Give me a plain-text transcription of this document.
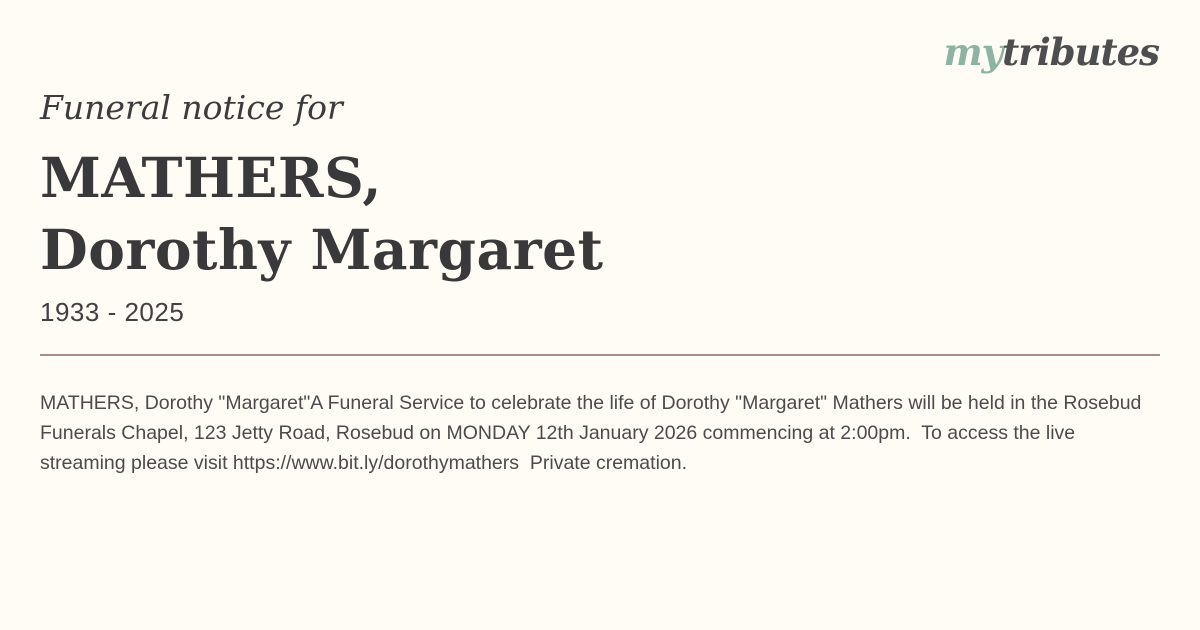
mytributes
Funeral notice for
MATHERS,
Dorothy Margaret
1933 - 2025

MATHERS, Dorothy "Margaret"A Funeral Service to celebrate the life of Dorothy "Margaret" Mathers will be held in the Rosebud Funerals Chapel, 123 Jetty Road, Rosebud on MONDAY 12th January 2026 commencing at 2:00pm.  To access the live streaming please visit https://www.bit.ly/dorothymathers  Private cremation.
